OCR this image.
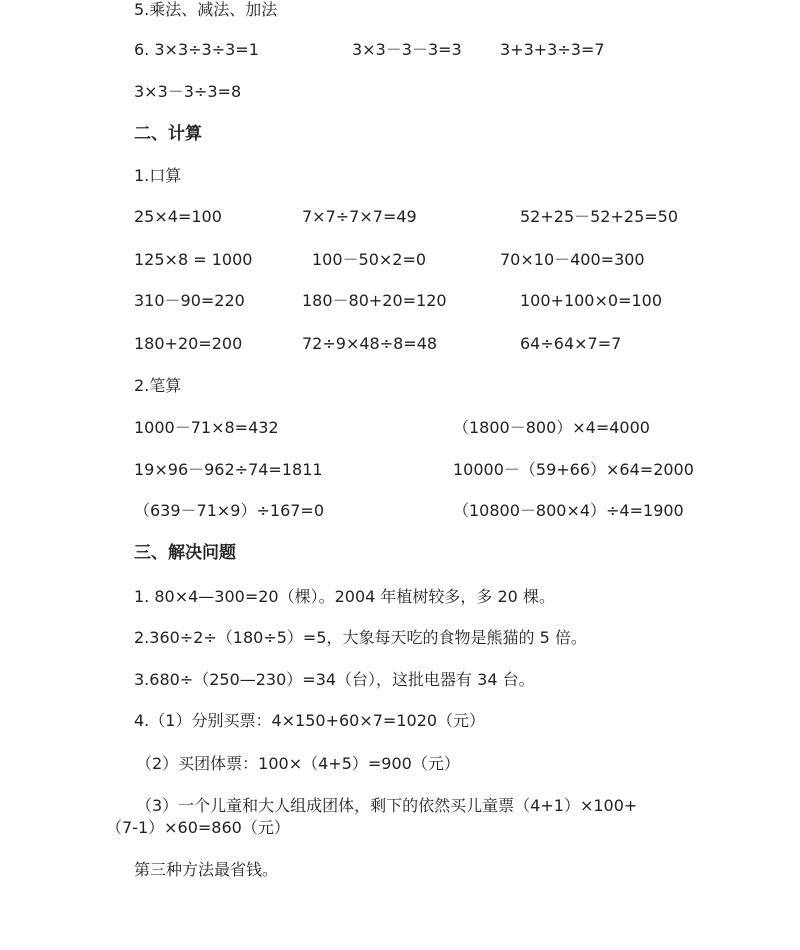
5.乘法、减法、加法
6. 3×3÷3÷3=1	3×3－3－3=3 3+3+3÷3=7
3×3－3÷3=8
二、计算
1.口算
25×4=100	7×7÷7×7=49	52+25－52+25=50
125×8 = 1000	100－50×2=0	70×10－400=300
310－90=220	180－80+20=120	100+100×0=100
180+20=200	72÷9×48÷8=48	64÷64×7=7
2.笔算
1000－71×8=432	（1800－800）×4=4000
19×96－962÷74=1811	10000－（59+66）×64=2000
（639－71×9）÷167=0	（10800－800×4）÷4=1900
三、解决问题
1. 80×4—300=20（棵）。2004 年植树较多，多 20 棵。
2.360÷2÷（180÷5）=5，大象每天吃的食物是熊猫的 5 倍。
3.680÷（250—230）=34（台），这批电器有 34 台。
4.（1）分别买票：4×150+60×7=1020（元）
（2）买团体票：100×（4+5）=900（元）
（3）一个儿童和大人组成团体，剩下的依然买儿童票（4+1）×100+
（7-1）×60=860（元）
第三种方法最省钱。
